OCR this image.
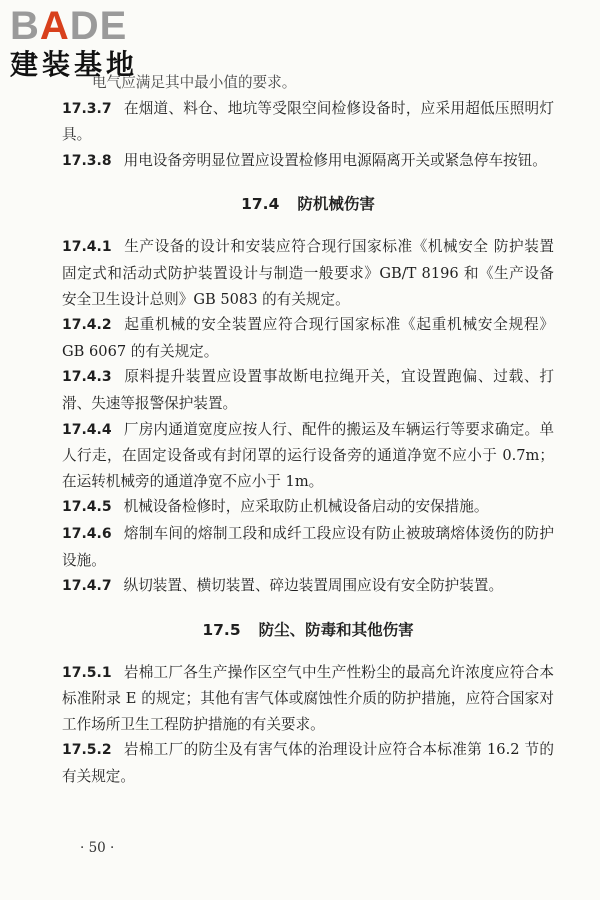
BADE
建装基地

电气应满足其中最小值的要求。

17.3.7 在烟道、料仓、地坑等受限空间检修设备时，应采用超低压照明灯具。

17.3.8 用电设备旁明显位置应设置检修用电源隔离开关或紧急停车按钮。

17.4 防机械伤害

17.4.1 生产设备的设计和安装应符合现行国家标准《机械安全 防护装置 固定式和活动式防护装置设计与制造一般要求》GB/T 8196 和《生产设备安全卫生设计总则》GB 5083 的有关规定。

17.4.2 起重机械的安全装置应符合现行国家标准《起重机械安全规程》GB 6067 的有关规定。

17.4.3 原料提升装置应设置事故断电拉绳开关，宜设置跑偏、过载、打滑、失速等报警保护装置。

17.4.4 厂房内通道宽度应按人行、配件的搬运及车辆运行等要求确定。单人行走，在固定设备或有封闭罩的运行设备旁的通道净宽不应小于 0.7m；在运转机械旁的通道净宽不应小于 1m。

17.4.5 机械设备检修时，应采取防止机械设备启动的安保措施。

17.4.6 熔制车间的熔制工段和成纤工段应设有防止被玻璃熔体烫伤的防护设施。

17.4.7 纵切装置、横切装置、碎边装置周围应设有安全防护装置。

17.5 防尘、防毒和其他伤害

17.5.1 岩棉工厂各生产操作区空气中生产性粉尘的最高允许浓度应符合本标准附录 E 的规定；其他有害气体或腐蚀性介质的防护措施，应符合国家对工作场所卫生工程防护措施的有关要求。

17.5.2 岩棉工厂的防尘及有害气体的治理设计应符合本标准第 16.2 节的有关规定。

· 50 ·
